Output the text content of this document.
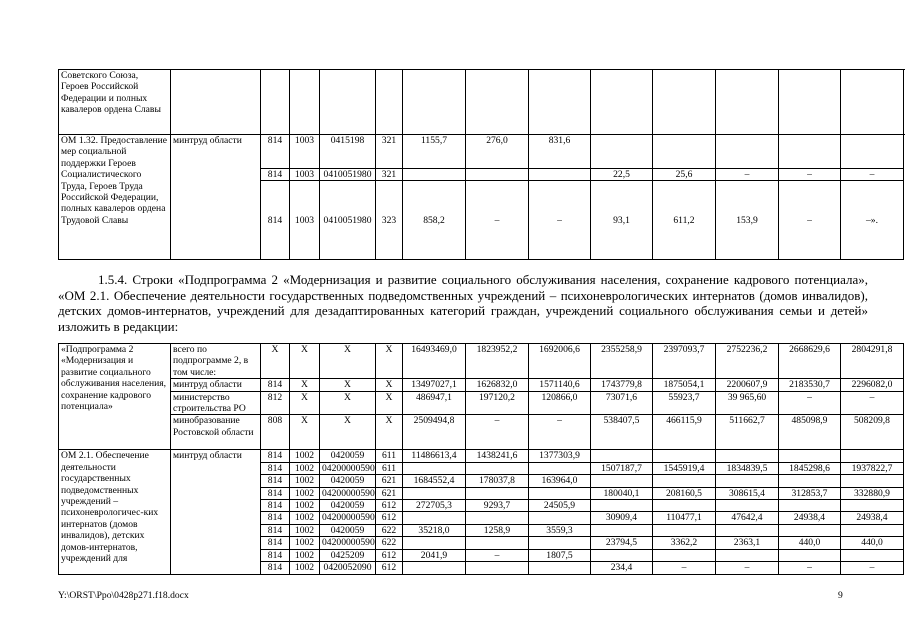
Советского Союза, Героев Российской Федерации и полных кавалеров ордена Славы														
ОМ 1.32. Предоставление мер социальной поддержки Героев Социалистического Труда, Героев Труда Российской Федерации, полных кавалеров ордена Трудовой Славы	минтруд области	814	1003	0415198	321	1155,7	276,0	831,6						
		814	1003	0410051980	321				22,5	25,6	–	–	–	
		814	1003	0410051980	323	858,2	–	–	93,1	611,2	153,9	–	–».	

1.5.4. Строки «Подпрограмма 2 «Модернизация и развитие социального обслуживания населения, сохранение кадрового потенциала», «ОМ 2.1. Обеспечение деятельности государственных подведомственных учреждений – психоневрологических интернатов (домов инвалидов), детских домов-интернатов, учреждений для дезадаптированных категорий граждан, учреждений социального обслуживания семьи и детей» изложить в редакции:

«Подпрограмма 2 «Модернизация и развитие социального обслуживания населения, сохранение кадрового потенциала»	всего по подпрограмме 2, в том числе:	X	X	X	X	16493469,0	1823952,2	1692006,6	2355258,9	2397093,7	2752236,2	2668629,6	2804291,8
	минтруд области	814	X	X	X	13497027,1	1626832,0	1571140,6	1743779,8	1875054,1	2200607,9	2183530,7	2296082,0
	министерство строительства РО	812	X	X	X	486947,1	197120,2	120866,0	73071,6	55923,7	39 965,60	–	–
	минобразование Ростовской области	808	X	X	X	2509494,8	–	–	538407,5	466115,9	511662,7	485098,9	508209,8
ОМ 2.1. Обеспечение деятельности государственных подведомственных учреждений – психоневрологичес-ких интернатов (домов инвалидов), детских домов-интернатов, учреждений для	минтруд области	814	1002	0420059	611	11486613,4	1438241,6	1377303,9					
		814	1002	04200000590	611				1507187,7	1545919,4	1834839,5	1845298,6	1937822,7
		814	1002	0420059	621	1684552,4	178037,8	163964,0					
		814	1002	04200000590	621				180040,1	208160,5	308615,4	312853,7	332880,9
		814	1002	0420059	612	272705,3	9293,7	24505,9					
		814	1002	04200000590	612				30909,4	110477,1	47642,4	24938,4	24938,4
		814	1002	0420059	622	35218,0	1258,9	3559,3					
		814	1002	04200000590	622				23794,5	3362,2	2363,1	440,0	440,0
		814	1002	0425209	612	2041,9	–	1807,5					
		814	1002	0420052090	612				234,4	–	–	–	–
Y:\ORST\Ppo\0428p271.f18.docx	9
